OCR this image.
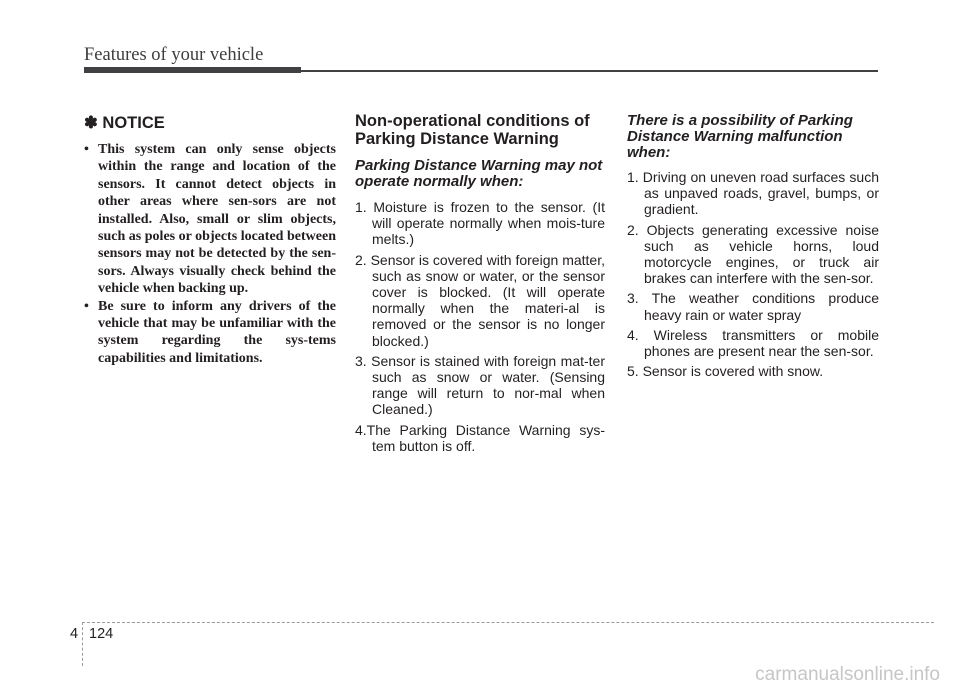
Features of your vehicle
✽ NOTICE
• This system can only sense objects within the range and location of the sensors. It cannot detect objects in other areas where sen-sors are not installed. Also, small or slim objects, such as poles or objects located between sensors may not be detected by the sen-sors. Always visually check behind the vehicle when backing up.
• Be sure to inform any drivers of the vehicle that may be unfamiliar with the system regarding the sys-tems capabilities and limitations.
Non-operational conditions of Parking Distance Warning
Parking Distance Warning may not operate normally when:
1. Moisture is frozen to the sensor. (It will operate normally when mois-ture melts.)
2. Sensor is covered with foreign matter, such as snow or water, or the sensor cover is blocked. (It will operate normally when the materi-al is removed or the sensor is no longer blocked.)
3. Sensor is stained with foreign mat-ter such as snow or water. (Sensing range will return to nor-mal when Cleaned.)
4.The Parking Distance Warning sys-tem button is off.
There is a possibility of Parking Distance Warning malfunction when:
1. Driving on uneven road surfaces such as unpaved roads, gravel, bumps, or gradient.
2. Objects generating excessive noise such as vehicle horns, loud motorcycle engines, or truck air brakes can interfere with the sen-sor.
3. The weather conditions produce heavy rain or water spray
4. Wireless transmitters or mobile phones are present near the sen-sor.
5. Sensor is covered with snow.
4 124
carmanualsonline.info
